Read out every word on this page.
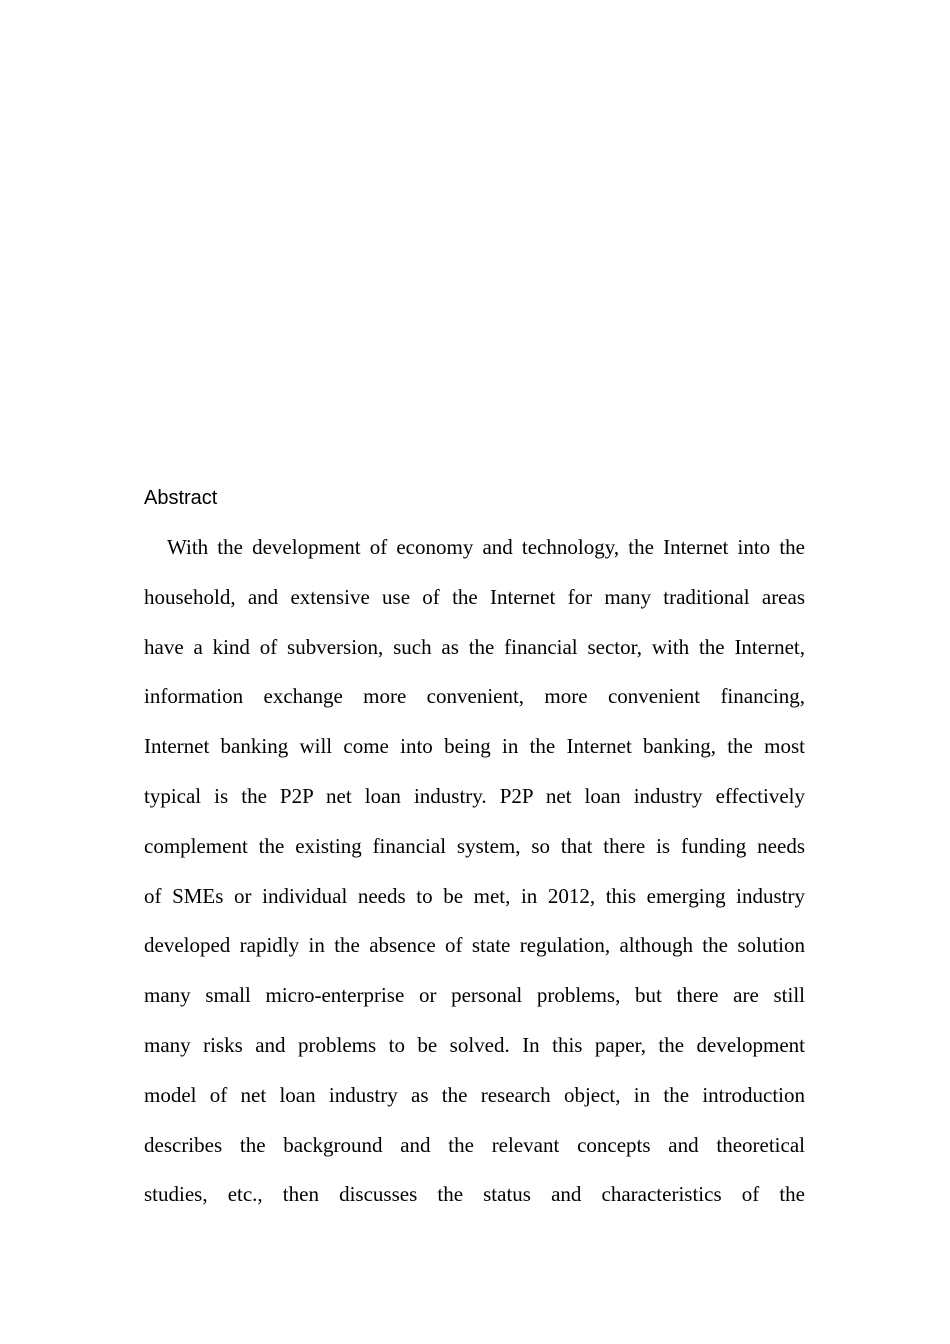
Abstract
With the development of economy and technology, the Internet into the
household, and extensive use of the Internet for many traditional areas
have a kind of subversion, such as the financial sector, with the Internet,
information exchange more convenient, more convenient financing,
Internet banking will come into being in the Internet banking, the most
typical is the P2P net loan industry. P2P net loan industry effectively
complement the existing financial system, so that there is funding needs
of SMEs or individual needs to be met, in 2012, this emerging industry
developed rapidly in the absence of state regulation, although the solution
many small micro-enterprise or personal problems, but there are still
many risks and problems to be solved. In this paper, the development
model of net loan industry as the research object, in the introduction
describes the background and the relevant concepts and theoretical
studies, etc., then discusses the status and characteristics of the
